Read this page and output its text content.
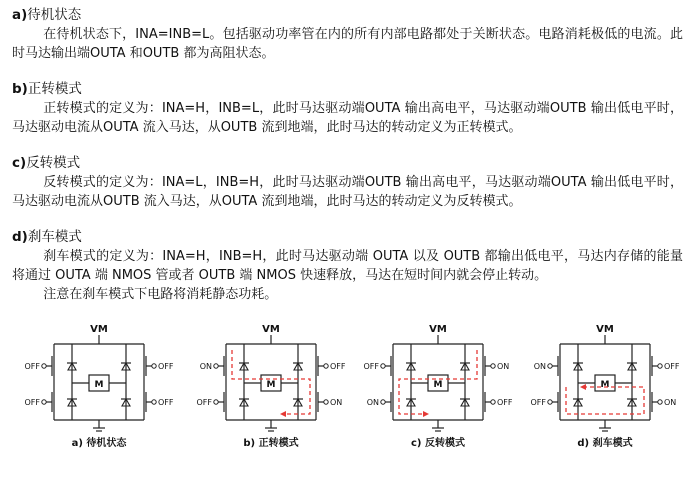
a)待机状态
在待机状态下，INA=INB=L。包括驱动功率管在内的所有内部电路都处于关断状态。电路消耗极低的电流。此时马达输出端OUTA 和OUTB 都为高阻状态。
b)正转模式
正转模式的定义为：INA=H，INB=L，此时马达驱动端OUTA 输出高电平，马达驱动端OUTB 输出低电平时，马达驱动电流从OUTA 流入马达，从OUTB 流到地端，此时马达的转动定义为正转模式。
c)反转模式
反转模式的定义为：INA=L，INB=H，此时马达驱动端OUTB 输出高电平，马达驱动端OUTA 输出低电平时，马达驱动电流从OUTB 流入马达，从OUTA 流到地端，此时马达的转动定义为反转模式。
d)刹车模式
刹车模式的定义为：INA=H，INB=H，此时马达驱动端 OUTA 以及 OUTB 都输出低电平，马达内存储的能量将通过 OUTA 端 NMOS 管或者 OUTB 端 NMOS 快速释放，马达在短时间内就会停止转动。
注意在刹车模式下电路将消耗静态功耗。
VM
M
OFF	OFF
OFF	OFF
a) 待机状态
VM
M
ON	OFF
OFF	ON
b) 正转模式
VM
M
OFF	ON
ON	OFF
c) 反转模式
VM
M
ON	OFF
OFF	ON
d) 刹车模式
